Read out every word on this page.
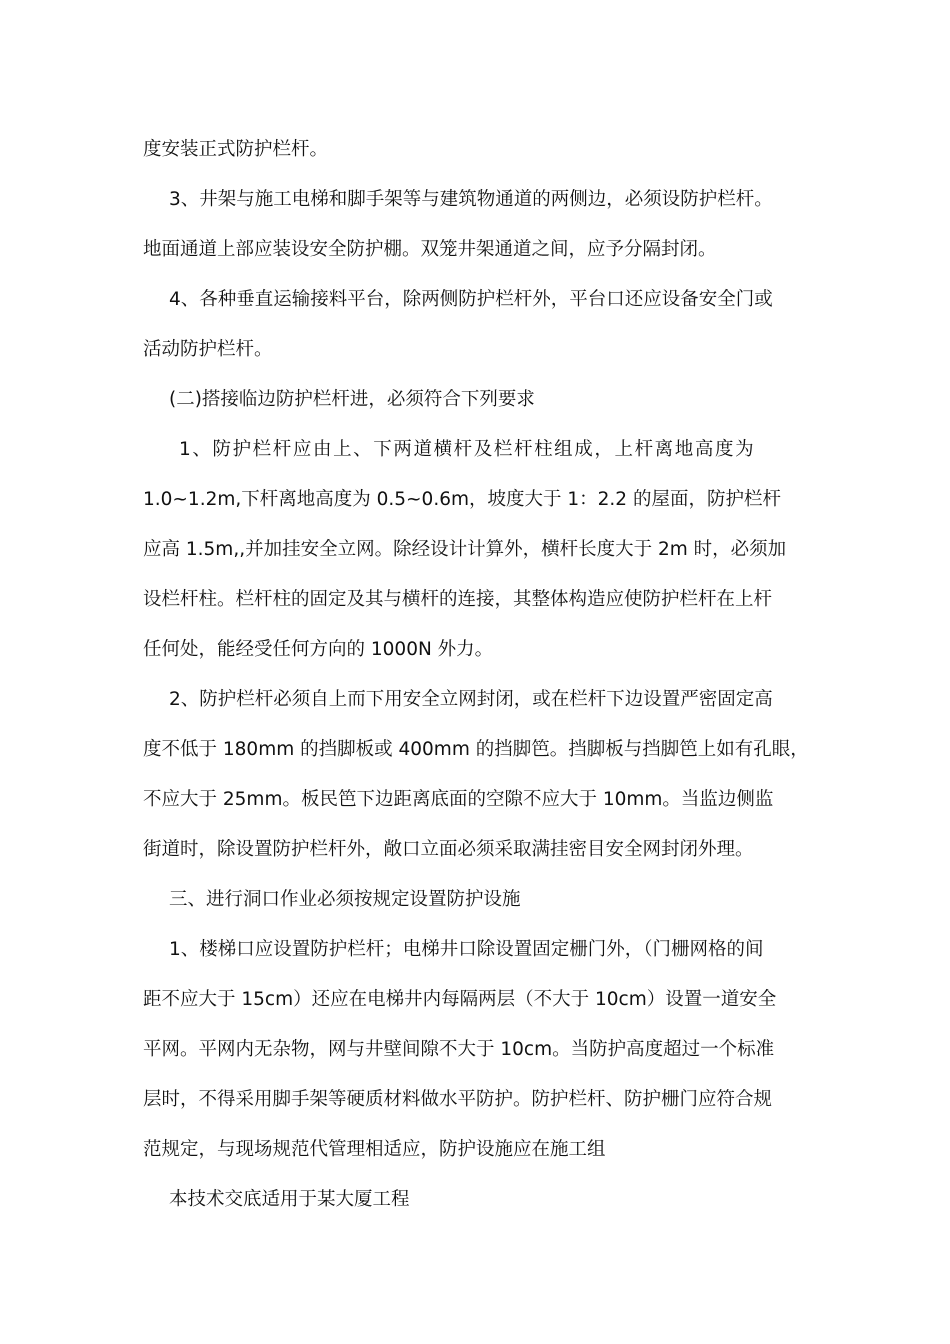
度安装正式防护栏杆。
3、井架与施工电梯和脚手架等与建筑物通道的两侧边，必须设防护栏杆。
地面通道上部应装设安全防护棚。双笼井架通道之间，应予分隔封闭。
4、各种垂直运输接料平台，除两侧防护栏杆外，平台口还应设备安全门或
活动防护栏杆。
(二)搭接临边防护栏杆进，必须符合下列要求
1、防护栏杆应由上、下两道横杆及栏杆柱组成，上杆离地高度为
1.0~1.2m,下杆离地高度为 0.5~0.6m，坡度大于 1：2.2 的屋面，防护栏杆
应高 1.5m,,并加挂安全立网。除经设计计算外，横杆长度大于 2m 时，必须加
设栏杆柱。栏杆柱的固定及其与横杆的连接，其整体构造应使防护栏杆在上杆
任何处，能经受任何方向的 1000N 外力。
2、防护栏杆必须自上而下用安全立网封闭，或在栏杆下边设置严密固定高
度不低于 180mm 的挡脚板或 400mm 的挡脚笆。挡脚板与挡脚笆上如有孔眼，
不应大于 25mm。板民笆下边距离底面的空隙不应大于 10mm。当监边侧监
街道时，除设置防护栏杆外，敞口立面必须采取满挂密目安全网封闭外理。
三、进行洞口作业必须按规定设置防护设施
1、楼梯口应设置防护栏杆；电梯井口除设置固定栅门外，（门栅网格的间
距不应大于 15cm）还应在电梯井内每隔两层（不大于 10cm）设置一道安全
平网。平网内无杂物，网与井壁间隙不大于 10cm。当防护高度超过一个标准
层时，不得采用脚手架等硬质材料做水平防护。防护栏杆、防护栅门应符合规
范规定，与现场规范代管理相适应，防护设施应在施工组
本技术交底适用于某大厦工程
